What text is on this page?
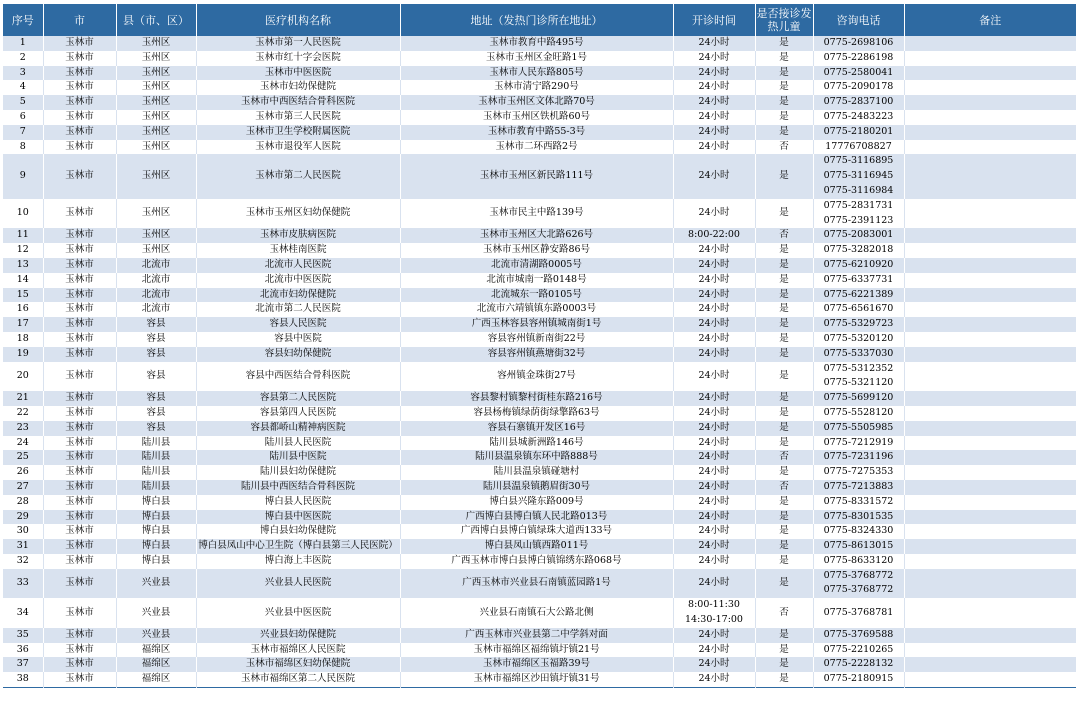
序号	市	县（市、区）	医疗机构名称	地址（发热门诊所在地址）	开诊时间	是否接诊发热儿童	咨询电话	备注
1	玉林市	玉州区	玉林市第一人民医院	玉林市教育中路495号	24小时	是	0775-2698106	

2	玉林市	玉州区	玉林市红十字会医院	玉林市玉州区金旺路1号	24小时	是	0775-2286198	

3	玉林市	玉州区	玉林市中医医院	玉林市人民东路805号	24小时	是	0775-2580041	

4	玉林市	玉州区	玉林市妇幼保健院	玉林市清宁路290号	24小时	是	0775-2090178	

5	玉林市	玉州区	玉林市中西医结合骨科医院	玉林市玉州区文体北路70号	24小时	是	0775-2837100	

6	玉林市	玉州区	玉林市第三人民医院	玉林市玉州区铁机路60号	24小时	是	0775-2483223	

7	玉林市	玉州区	玉林市卫生学校附属医院	玉林市教育中路55-3号	24小时	是	0775-2180201	

8	玉林市	玉州区	玉林市退役军人医院	玉林市二环西路2号	24小时	否	17776708827	

9	玉林市	玉州区	玉林市第二人民医院	玉林市玉州区新民路111号	24小时	是	0775-3116895
0775-3116945
0775-3116984	

10	玉林市	玉州区	玉林市玉州区妇幼保健院	玉林市民主中路139号	24小时	是	0775-2831731
0775-2391123	

11	玉林市	玉州区	玉林市皮肤病医院	玉林市玉州区大北路626号	8:00-22:00	否	0775-2083001	

12	玉林市	玉州区	玉林桂南医院	玉林市玉州区静安路86号	24小时	是	0775-3282018	

13	玉林市	北流市	北流市人民医院	北流市清湖路0005号	24小时	是	0775-6210920	

14	玉林市	北流市	北流市中医医院	北流市城南一路0148号	24小时	是	0775-6337731	

15	玉林市	北流市	北流市妇幼保健院	北流城东一路0105号	24小时	是	0775-6221389	

16	玉林市	北流市	北流市第二人民医院	北流市六靖镇镇东路0003号	24小时	是	0775-6561670	

17	玉林市	容县	容县人民医院	广西玉林容县容州镇城南街1号	24小时	是	0775-5329723	

18	玉林市	容县	容县中医院	容县容州镇新南街22号	24小时	是	0775-5320120	

19	玉林市	容县	容县妇幼保健院	容县容州镇燕塘街32号	24小时	是	0775-5337030	

20	玉林市	容县	容县中西医结合骨科医院	容州镇金珠街27号	24小时	是	0775-5312352
0775-5321120	

21	玉林市	容县	容县第二人民医院	容县黎村镇黎村街桂东路216号	24小时	是	0775-5699120	

22	玉林市	容县	容县第四人民医院	容县杨梅镇绿荫街绿擎路63号	24小时	是	0775-5528120	

23	玉林市	容县	容县都峤山精神病医院	容县石寨镇开发区16号	24小时	是	0775-5505985	

24	玉林市	陆川县	陆川县人民医院	陆川县城新洲路146号	24小时	是	0775-7212919	

25	玉林市	陆川县	陆川县中医院	陆川县温泉镇东环中路888号	24小时	否	0775-7231196	

26	玉林市	陆川县	陆川县妇幼保健院	陆川县温泉镇碰塘村	24小时	是	0775-7275353	

27	玉林市	陆川县	陆川县中西医结合骨科医院	陆川县温泉镇鹅眉街30号	24小时	否	0775-7213883	

28	玉林市	博白县	博白县人民医院	博白县兴隆东路009号	24小时	是	0775-8331572	

29	玉林市	博白县	博白县中医医院	广西博白县博白镇人民北路013号	24小时	是	0775-8301535	

30	玉林市	博白县	博白县妇幼保健院	广西博白县博白镇绿珠大道西133号	24小时	是	0775-8324330	

31	玉林市	博白县	博白县凤山中心卫生院（博白县第三人民医院）	博白县凤山镇西路011号	24小时	是	0775-8613015	

32	玉林市	博白县	博白海上丰医院	广西玉林市博白县博白镇锦绣东路068号	24小时	是	0775-8633120	

33	玉林市	兴业县	兴业县人民医院	广西玉林市兴业县石南镇蓝园路1号	24小时	是	0775-3768772
0775-3768772	

34	玉林市	兴业县	兴业县中医医院	兴业县石南镇石大公路北侧	8:00-11:30
14:30-17:00	否	0775-3768781	

35	玉林市	兴业县	兴业县妇幼保健院	广西玉林市兴业县第二中学斜对面	24小时	是	0775-3769588	

36	玉林市	福绵区	玉林市福绵区人民医院	玉林市福绵区福绵镇圩镇21号	24小时	是	0775-2210265	

37	玉林市	福绵区	玉林市福绵区妇幼保健院	玉林市福绵区玉福路39号	24小时	是	0775-2228132	

38	玉林市	福绵区	玉林市福绵区第二人民医院	玉林市福绵区沙田镇圩镇31号	24小时	是	0775-2180915	
